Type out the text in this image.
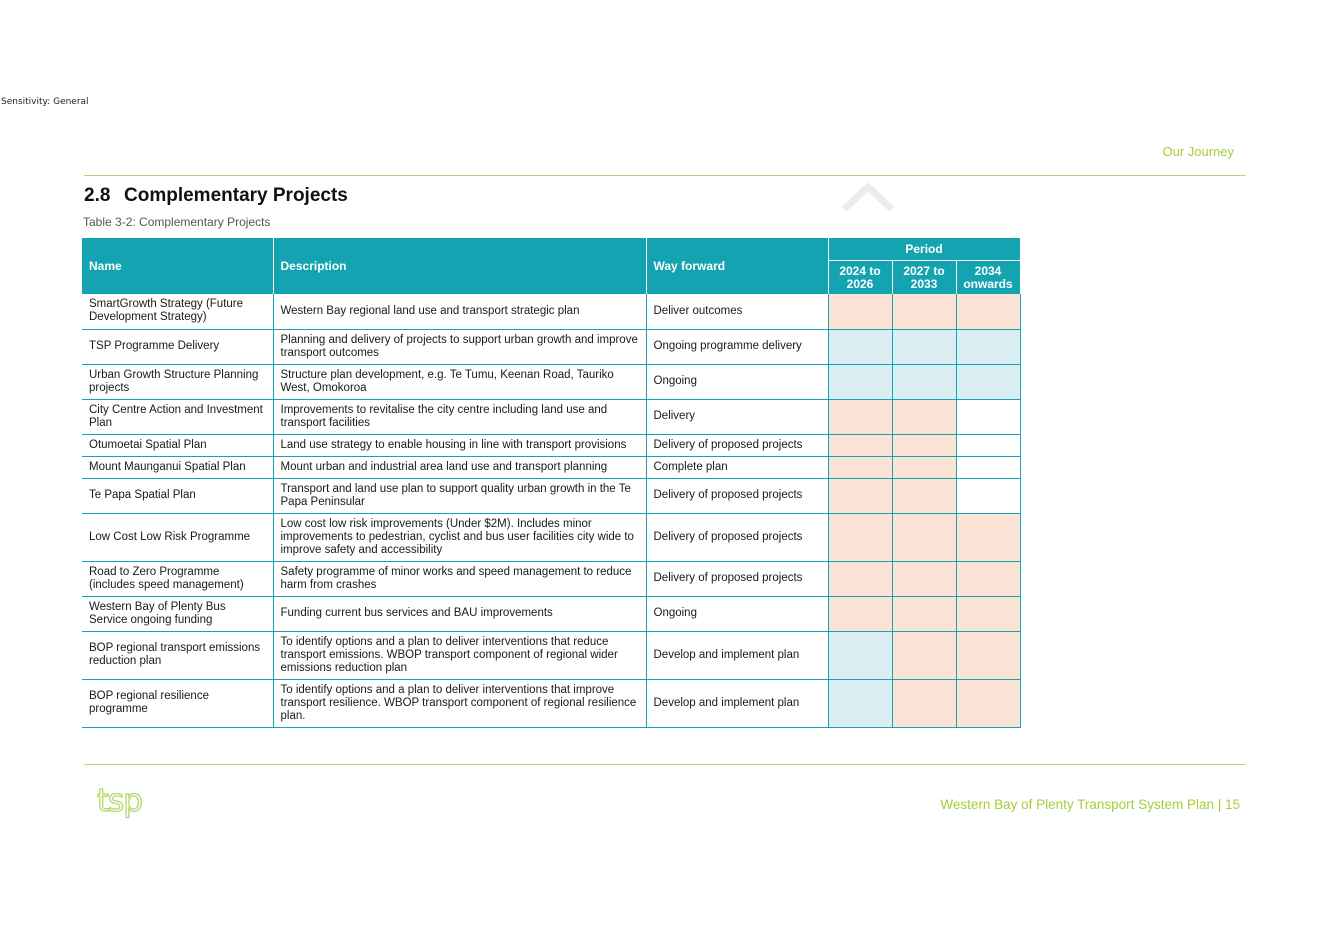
Sensitivity: General
Our Journey
2.8 Complementary Projects
Table 3-2: Complementary Projects
Name	Description	Way forward	Period		
			2024 to 2026	2027 to 2033	2034 onwards
SmartGrowth Strategy (Future Development Strategy)	Western Bay regional land use and transport strategic plan	Deliver outcomes			
TSP Programme Delivery	Planning and delivery of projects to support urban growth and improve transport outcomes	Ongoing programme delivery			
Urban Growth Structure Planning projects	Structure plan development, e.g. Te Tumu, Keenan Road, Tauriko West, Omokoroa	Ongoing			
City Centre Action and Investment Plan	Improvements to revitalise the city centre including land use and transport facilities	Delivery			
Otumoetai Spatial Plan	Land use strategy to enable housing in line with transport provisions	Delivery of proposed projects			
Mount Maunganui Spatial Plan	Mount urban and industrial area land use and transport planning	Complete plan			
Te Papa Spatial Plan	Transport and land use plan to support quality urban growth in the Te Papa Peninsular	Delivery of proposed projects			
Low Cost Low Risk Programme	Low cost low risk improvements (Under $2M). Includes minor improvements to pedestrian, cyclist and bus user facilities city wide to improve safety and accessibility	Delivery of proposed projects			
Road to Zero Programme (includes speed management)	Safety programme of minor works and speed management to reduce harm from crashes	Delivery of proposed projects			
Western Bay of Plenty Bus Service ongoing funding	Funding current bus services and BAU improvements	Ongoing			
BOP regional transport emissions reduction plan	To identify options and a plan to deliver interventions that reduce transport emissions. WBOP transport component of regional wider emissions reduction plan	Develop and implement plan			
BOP regional resilience programme	To identify options and a plan to deliver interventions that improve transport resilience. WBOP transport component of regional resilience plan.	Develop and implement plan			
tsp	Western Bay of Plenty Transport System Plan | 15
